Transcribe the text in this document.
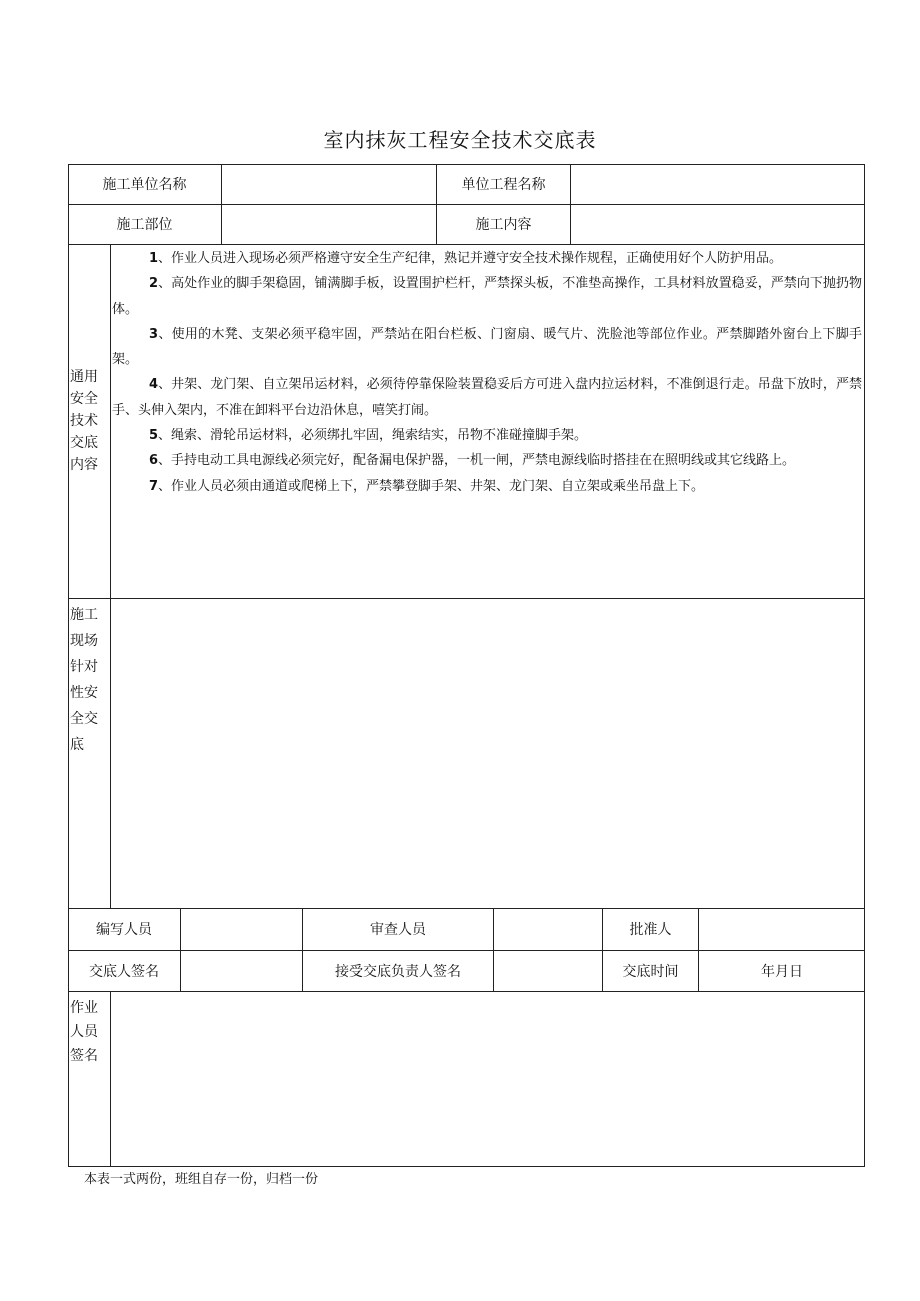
室内抹灰工程安全技术交底表
施工单位名称	单位工程名称
施工部位	施工内容
通用安全技术交底内容

1、作业人员进入现场必须严格遵守安全生产纪律，熟记并遵守安全技术操作规程，正确使用好个人防护用品。

2、高处作业的脚手架稳固，铺满脚手板，设置围护栏杆，严禁探头板，不准垫高操作，工具材料放置稳妥，严禁向下抛扔物体。

3、使用的木凳、支架必须平稳牢固，严禁站在阳台栏板、门窗扇、暖气片、洗脸池等部位作业。严禁脚踏外窗台上下脚手架。

4、井架、龙门架、自立架吊运材料，必须待停靠保险装置稳妥后方可进入盘内拉运材料，不准倒退行走。吊盘下放时，严禁手、头伸入架内，不准在卸料平台边沿休息，嘻笑打闹。

5、绳索、滑轮吊运材料，必须绑扎牢固，绳索结实，吊物不准碰撞脚手架。

6、手持电动工具电源线必须完好，配备漏电保护器，一机一闸，严禁电源线临时搭挂在在照明线或其它线路上。

7、作业人员必须由通道或爬梯上下，严禁攀登脚手架、井架、龙门架、自立架或乘坐吊盘上下。

施工现场针对性安全交底
编写人员	审查人员	批准人
交底人签名	接受交底负责人签名	交底时间	年月日
作业人员签名
本表一式两份，班组自存一份，归档一份
